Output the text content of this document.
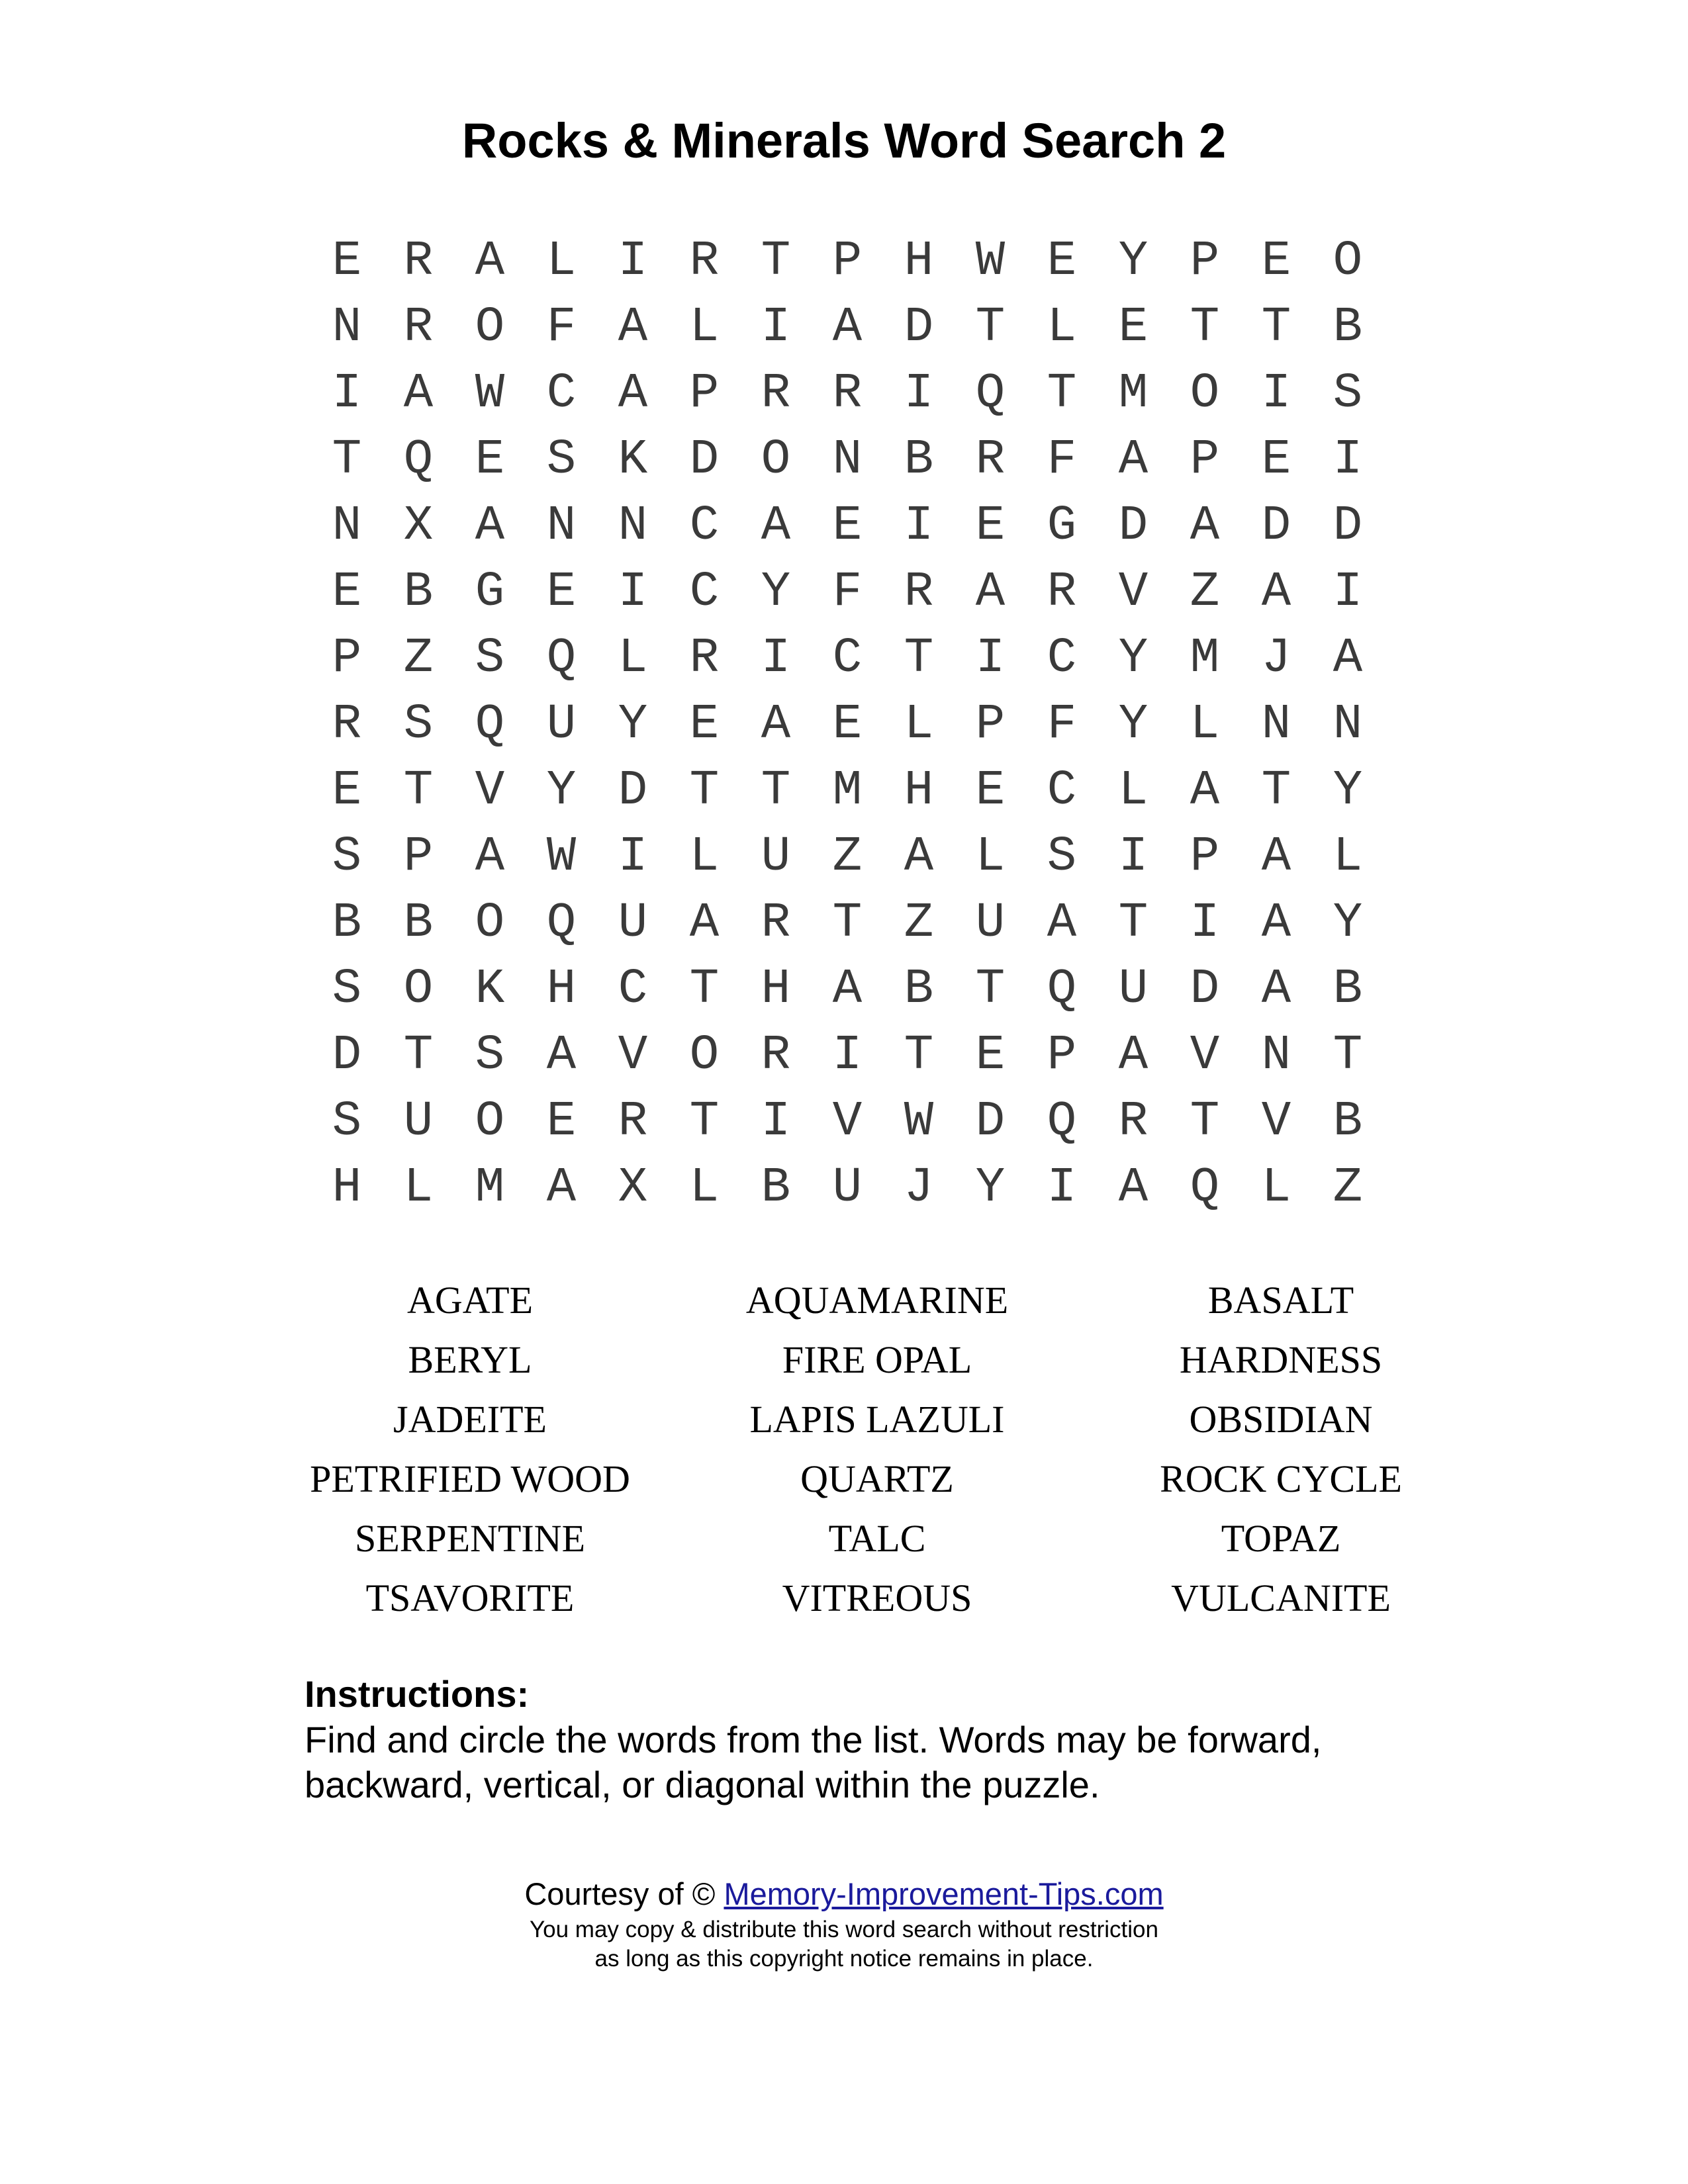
Rocks & Minerals Word Search 2
E R A L I R T P H W E Y P E O
N R O F A L I A D T L E T T B
I A W C A P R R I Q T M O I S
T Q E S K D O N B R F A P E I
N X A N N C A E I E G D A D D
E B G E I C Y F R A R V Z A I
P Z S Q L R I C T I C Y M J A
R S Q U Y E A E L P F Y L N N
E T V Y D T T M H E C L A T Y
S P A W I L U Z A L S I P A L
B B O Q U A R T Z U A T I A Y
S O K H C T H A B T Q U D A B
D T S A V O R I T E P A V N T
S U O E R T I V W D Q R T V B
H L M A X L B U J Y I A Q L Z
AGATE	AQUAMARINE	BASALT
BERYL	FIRE OPAL	HARDNESS
JADEITE	LAPIS LAZULI	OBSIDIAN
PETRIFIED WOOD	QUARTZ	ROCK CYCLE
SERPENTINE	TALC	TOPAZ
TSAVORITE	VITREOUS	VULCANITE
Instructions:
Find and circle the words from the list. Words may be forward,
backward, vertical, or diagonal within the puzzle.
Courtesy of © Memory-Improvement-Tips.com
You may copy & distribute this word search without restriction
as long as this copyright notice remains in place.
